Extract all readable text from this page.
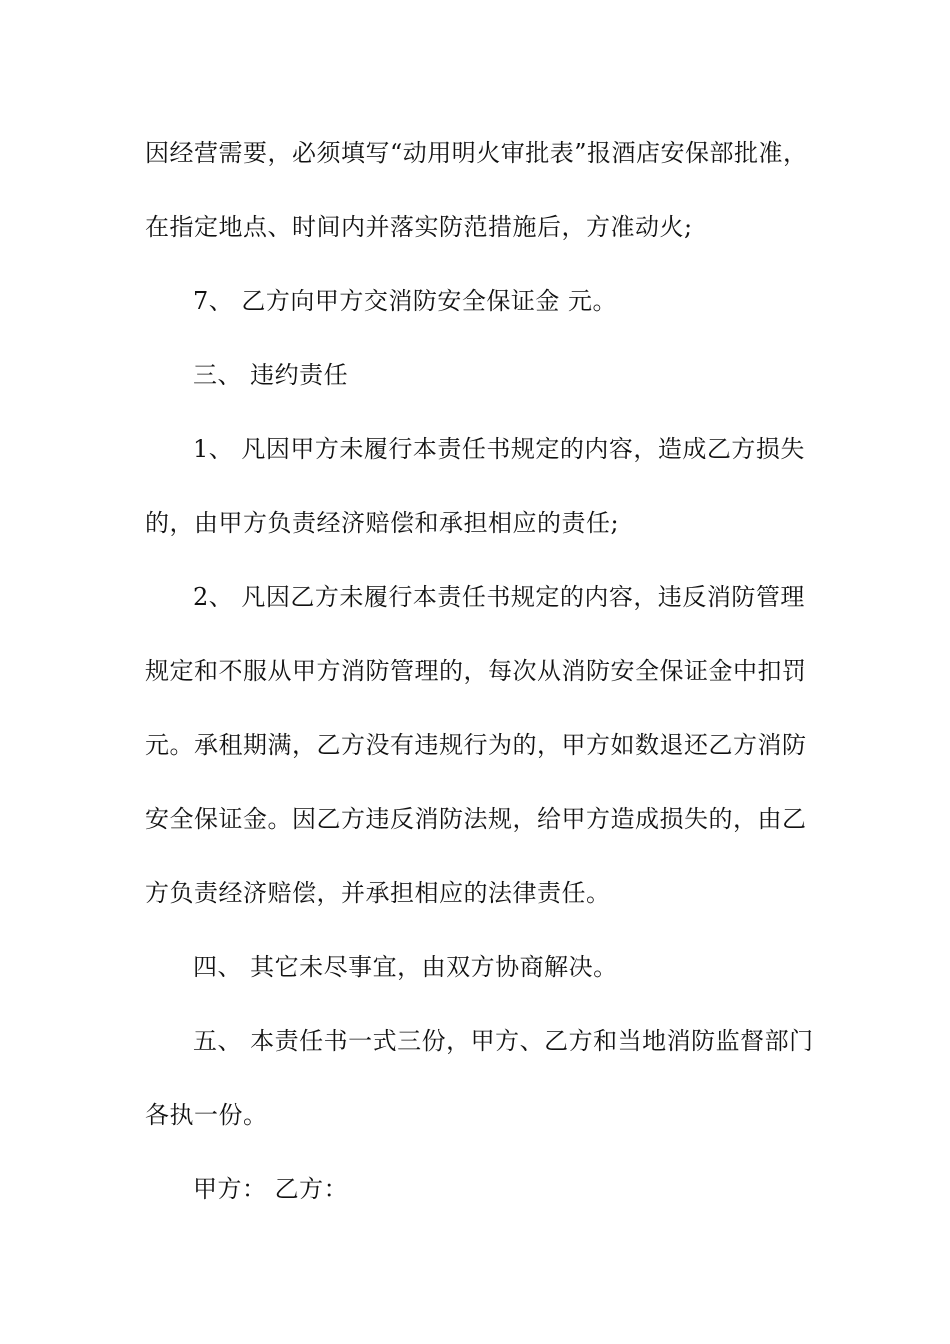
因经营需要，必须填写“动用明火审批表”报酒店安保部批准，
在指定地点、时间内并落实防范措施后，方准动火;
7、 乙方向甲方交消防安全保证金 元。
三、 违约责任
1、 凡因甲方未履行本责任书规定的内容，造成乙方损失
的，由甲方负责经济赔偿和承担相应的责任;
2、 凡因乙方未履行本责任书规定的内容，违反消防管理
规定和不服从甲方消防管理的，每次从消防安全保证金中扣罚
元。承租期满，乙方没有违规行为的，甲方如数退还乙方消防
安全保证金。因乙方违反消防法规，给甲方造成损失的，由乙
方负责经济赔偿，并承担相应的法律责任。
四、 其它未尽事宜，由双方协商解决。
五、 本责任书一式三份，甲方、乙方和当地消防监督部门
各执一份。
甲方： 乙方：
